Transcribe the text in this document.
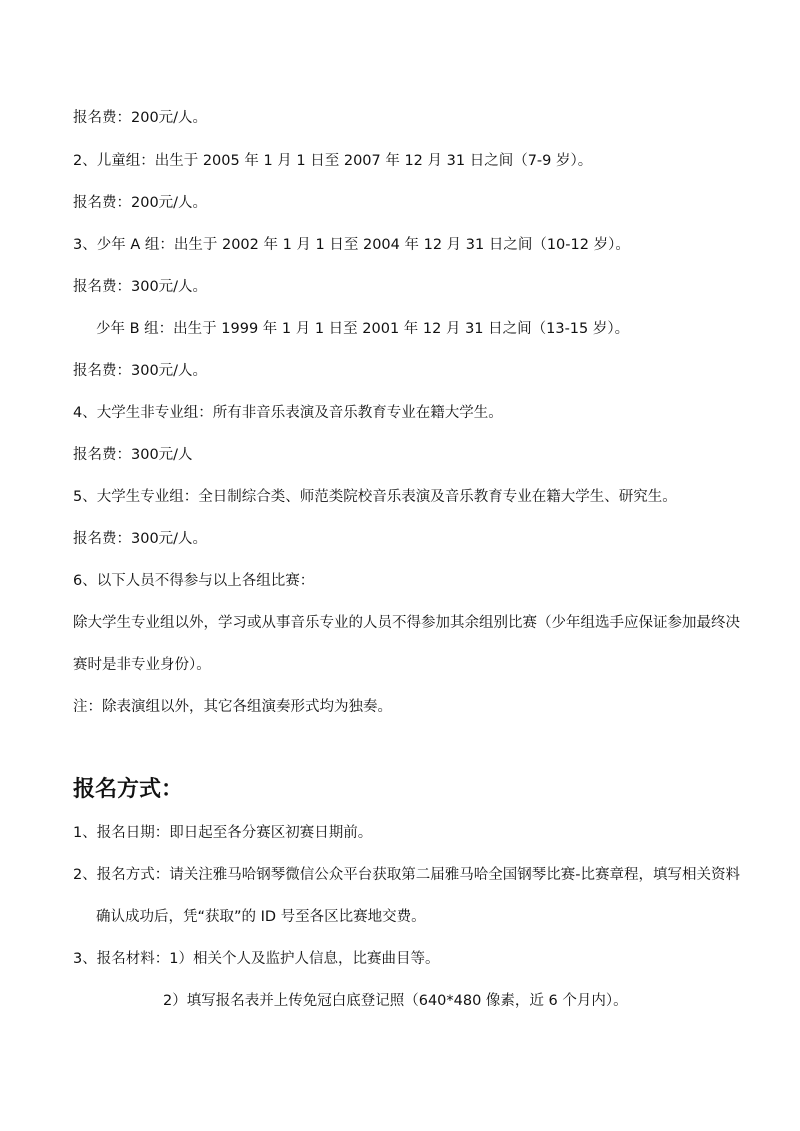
报名费：200元/人。
2、儿童组：出生于 2005 年 1 月 1 日至 2007 年 12 月 31 日之间（7-9 岁）。
报名费：200元/人。
3、少年 A 组：出生于 2002 年 1 月 1 日至 2004 年 12 月 31 日之间（10-12 岁）。
报名费：300元/人。
少年 B 组：出生于 1999 年 1 月 1 日至 2001 年 12 月 31 日之间（13-15 岁）。
报名费：300元/人。
4、大学生非专业组：所有非音乐表演及音乐教育专业在籍大学生。
报名费：300元/人
5、大学生专业组：全日制综合类、师范类院校音乐表演及音乐教育专业在籍大学生、研究生。
报名费：300元/人。
6、以下人员不得参与以上各组比赛：
除大学生专业组以外，学习或从事音乐专业的人员不得参加其余组别比赛（少年组选手应保证参加最终决
赛时是非专业身份）。
注：除表演组以外，其它各组演奏形式均为独奏。
报名方式：
1、报名日期：即日起至各分赛区初赛日期前。
2、报名方式：请关注雅马哈钢琴微信公众平台获取第二届雅马哈全国钢琴比赛-比赛章程，填写相关资料
确认成功后，凭“获取”的 ID 号至各区比赛地交费。
3、报名材料：1）相关个人及监护人信息，比赛曲目等。
2）填写报名表并上传免冠白底登记照（640*480 像素，近 6 个月内）。
